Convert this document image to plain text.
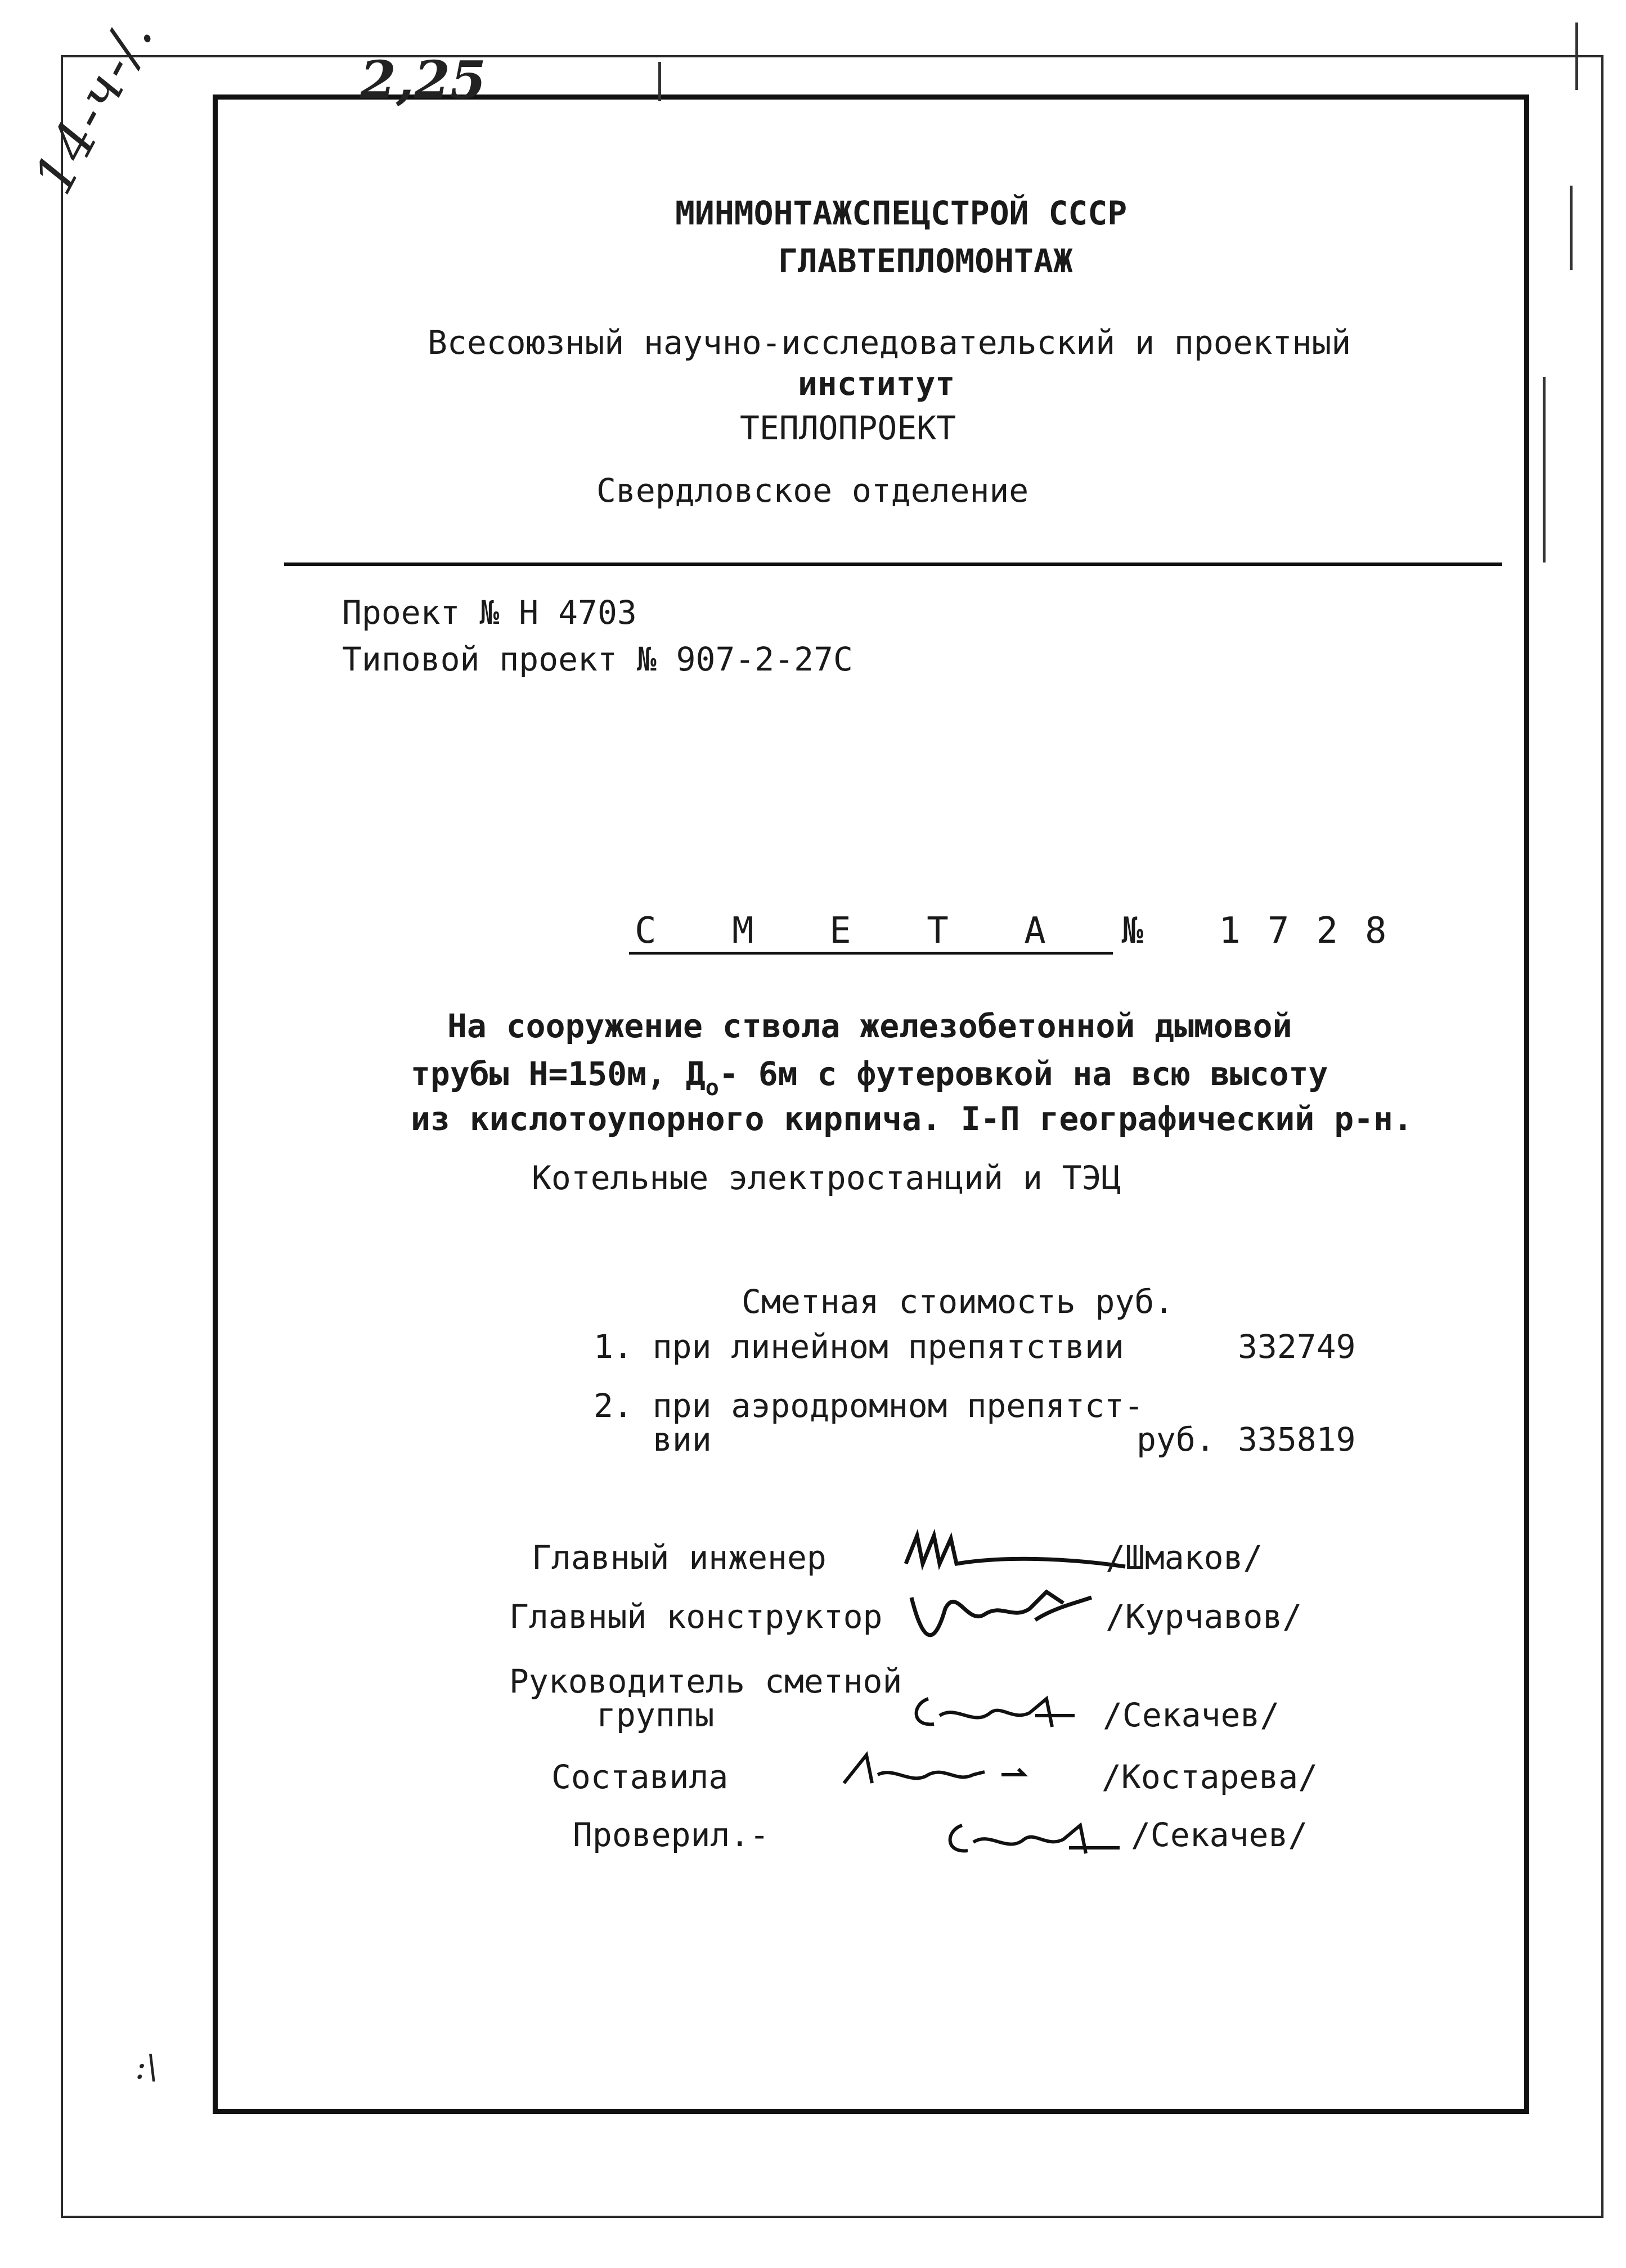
14-ч-/.	2,25
:\
МИНМОНТАЖСПЕЦСТРОЙ СССР
ГЛАВТЕПЛОМОНТАЖ
Всесоюзный научно-исследовательский и проектный
институт
ТЕПЛОПРОЕКТ
Свердловское отделение
Проект № Н 4703
Типовой проект № 907-2-27С
С М Е Т А № 1728
На сооружение ствола железобетонной дымовой
трубы Н=150м, $Д_о-$ 6м с футеровкой на всю высоту
из кислотоупорного кирпича. I-П географический р-н.
Котельные электростанций и ТЭЦ
Сметная стоимость руб.
1. при линейном препятствии	332749
2. при аэродромном препятст-
вии	руб. 335819
Главный инженер	/Шмаков/
Главный конструктор	/Курчавов/
Руководитель сметной
группы	/Секачев/
Составила	/Костарева/
Проверил.-	/Секачев/
